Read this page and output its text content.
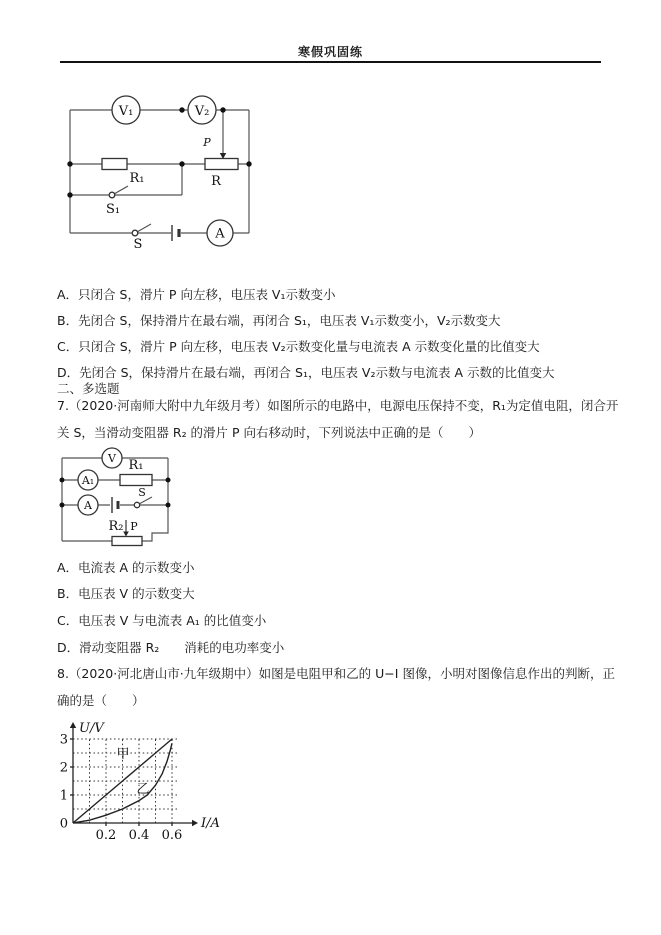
寒假巩固练
V₁	V₂
A
R₁	R
S₁
S
P
A．只闭合 S，滑片 P 向左移，电压表 V₁示数变小
B．先闭合 S，保持滑片在最右端，再闭合 S₁，电压表 V₁示数变小，V₂示数变大
C．只闭合 S，滑片 P 向左移，电压表 V₂示数变化量与电流表 A 示数变化量的比值变大
D．先闭合 S，保持滑片在最右端，再闭合 S₁，电压表 V₂示数与电流表 A 示数的比值变大
二、多选题
7.（2020·河南师大附中九年级月考）如图所示的电路中，电源电压保持不变，R₁为定值电阻，闭合开关 S，当滑动变阻器 R₂ 的滑片 P 向右移动时，下列说法中正确的是（　　）
V
A₁
A
R₁
R₂
S
P
A．电流表 A 的示数变小
B．电压表 V 的示数变大
C．电压表 V 与电流表 A₁ 的比值变小
D．滑动变阻器 R₂　　消耗的电功率变小
8.（2020·河北唐山市·九年级期中）如图是电阻甲和乙的 U−I 图像，小明对图像信息作出的判断，正确的是（　　）
甲
乙
0.2 0.4 0.6
1
2
3
0
U/V
I/A
